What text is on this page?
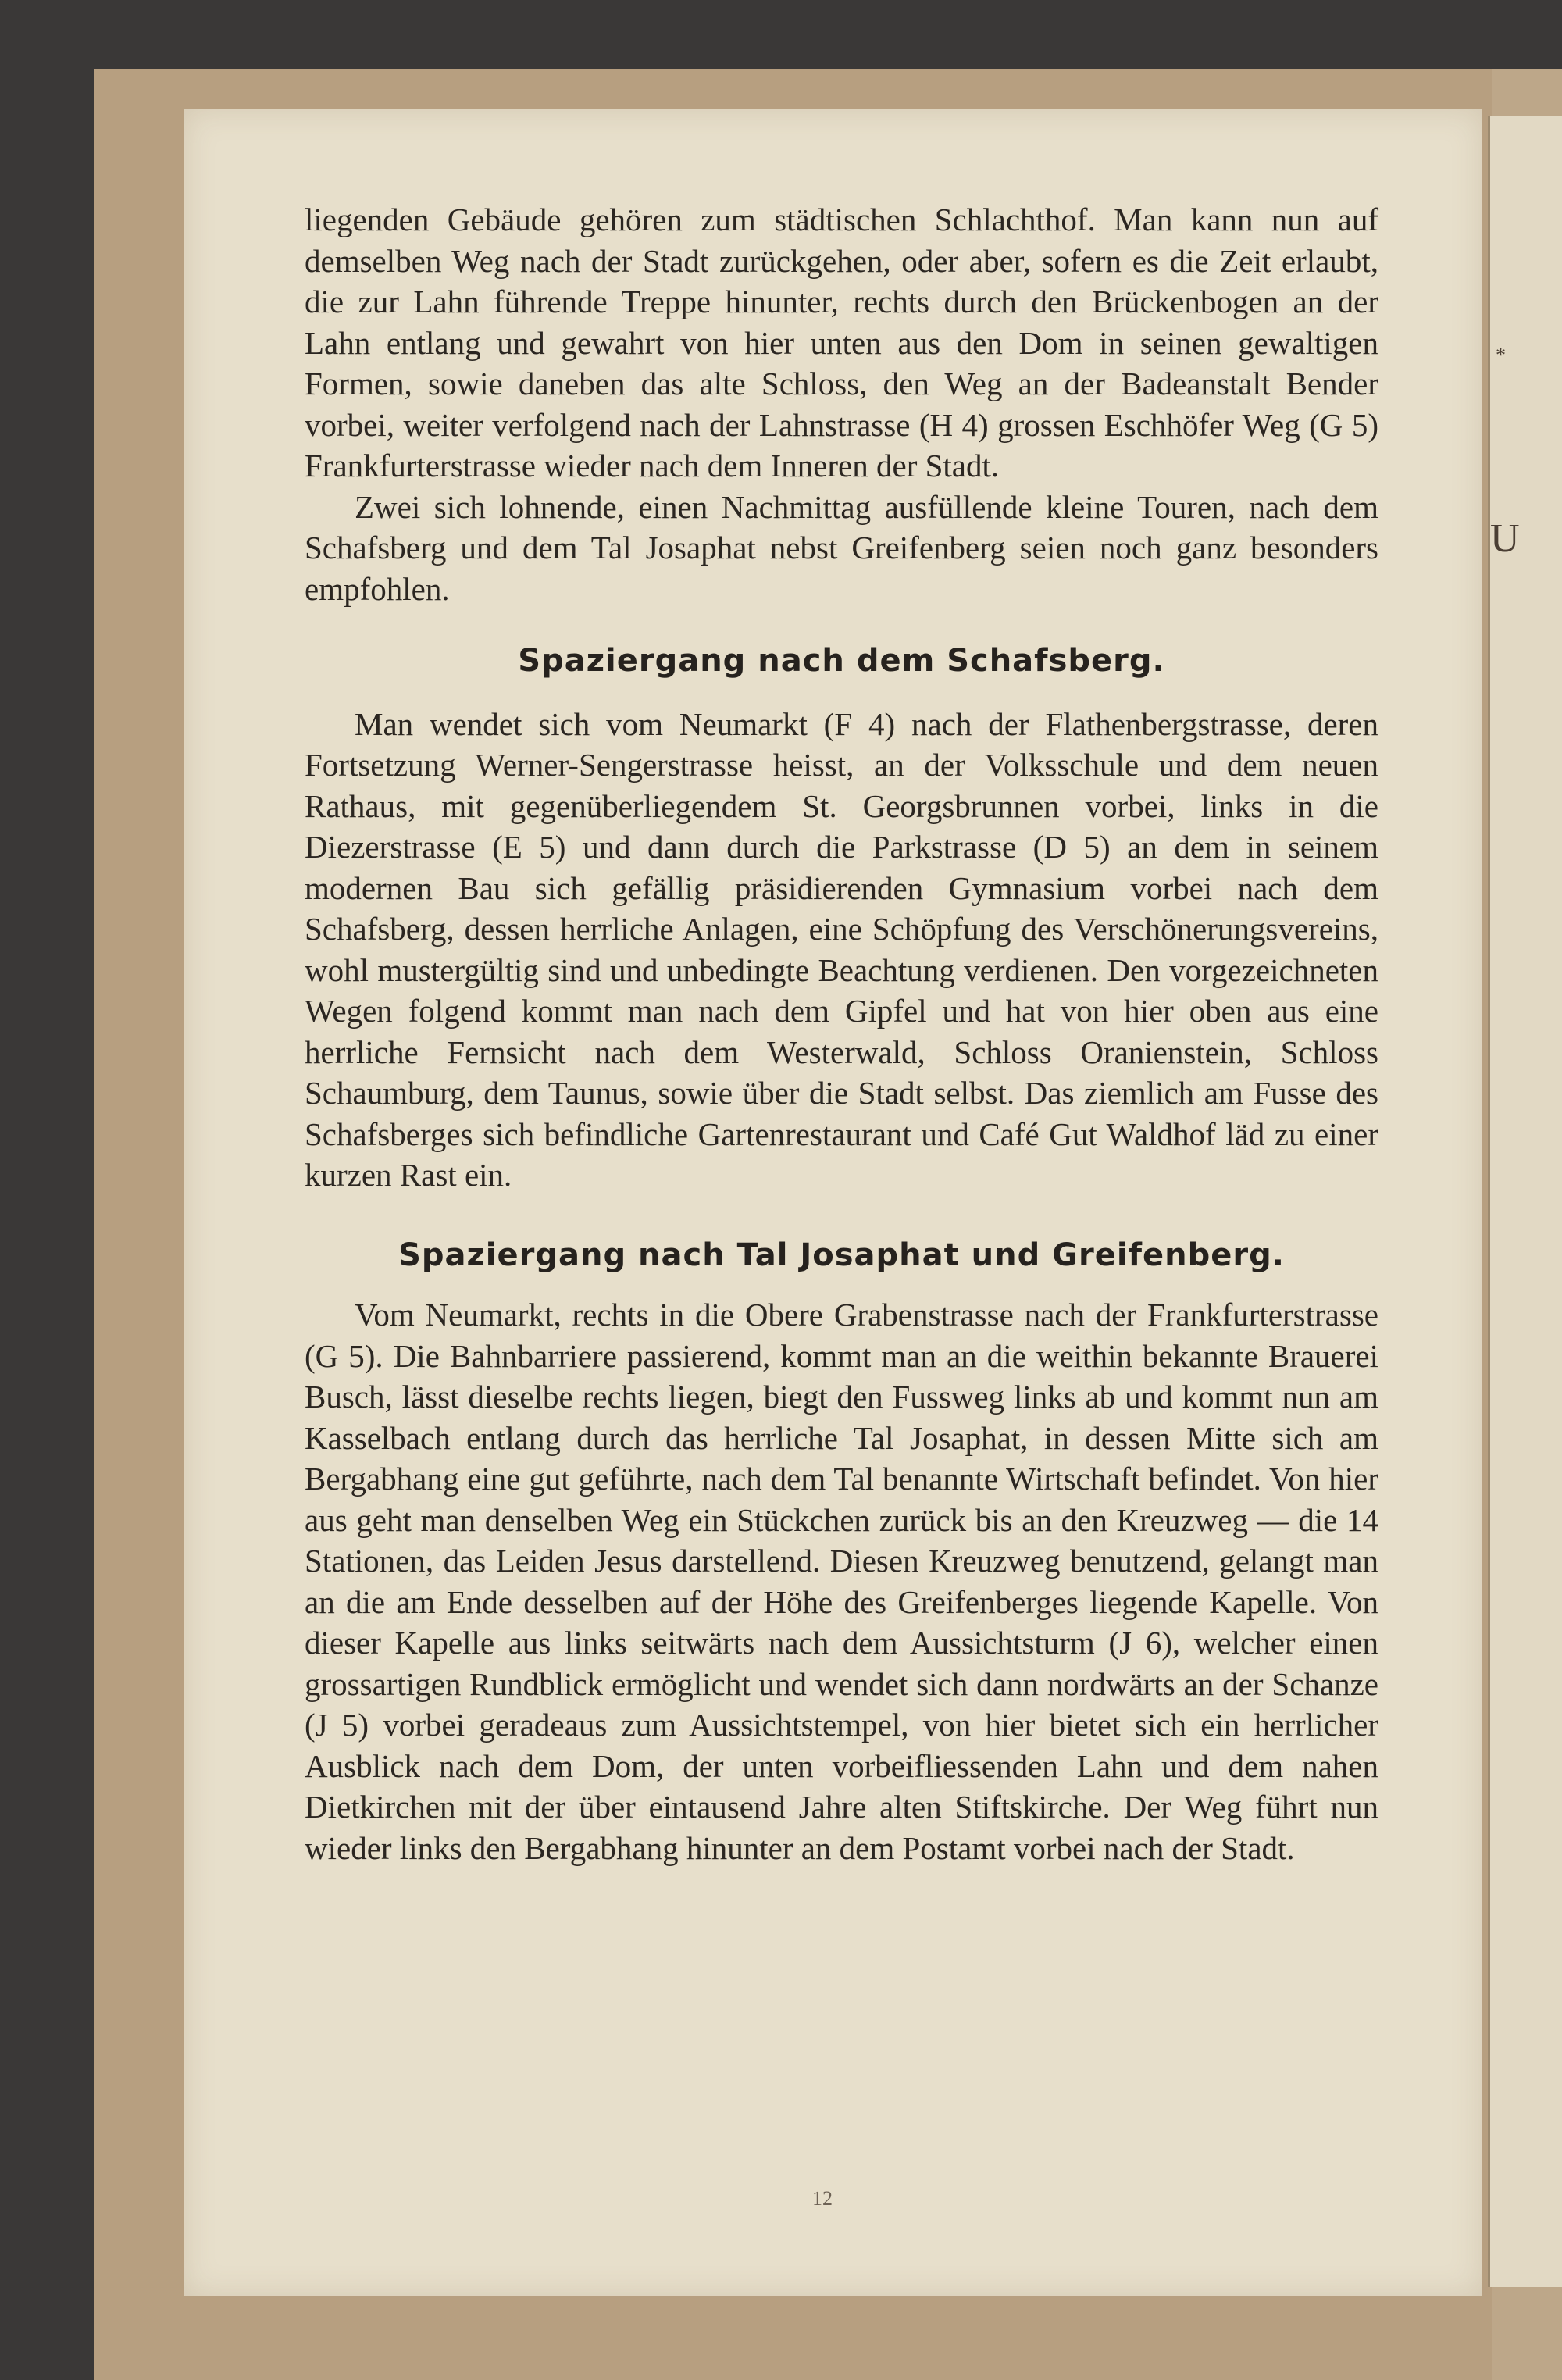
*
U

liegenden Gebäude gehören zum städtischen Schlachthof. Man kann nun auf demselben Weg nach der Stadt zurückgehen, oder aber, sofern es die Zeit erlaubt, die zur Lahn führende Treppe hinunter, rechts durch den Brückenbogen an der Lahn entlang und gewahrt von hier unten aus den Dom in seinen gewaltigen Formen, sowie daneben das alte Schloss, den Weg an der Badeanstalt Bender vorbei, weiter verfolgend nach der Lahnstrasse (H 4) grossen Eschhöfer Weg (G 5) Frankfurterstrasse wieder nach dem Inneren der Stadt.

Zwei sich lohnende, einen Nachmittag ausfüllende kleine Touren, nach dem Schafsberg und dem Tal Josaphat nebst Greifenberg seien noch ganz besonders empfohlen.

Spaziergang nach dem Schafsberg.

Man wendet sich vom Neumarkt (F 4) nach der Flathenbergstrasse, deren Fortsetzung Werner-Sengerstrasse heisst, an der Volksschule und dem neuen Rathaus, mit gegenüberliegendem St. Georgsbrunnen vorbei, links in die Diezerstrasse (E 5) und dann durch die Parkstrasse (D 5) an dem in seinem modernen Bau sich gefällig präsidierenden Gymnasium vorbei nach dem Schafsberg, dessen herrliche Anlagen, eine Schöpfung des Verschönerungsvereins, wohl mustergültig sind und unbedingte Beachtung verdienen. Den vorgezeichneten Wegen folgend kommt man nach dem Gipfel und hat von hier oben aus eine herrliche Fernsicht nach dem Westerwald, Schloss Oranienstein, Schloss Schaumburg, dem Taunus, sowie über die Stadt selbst. Das ziemlich am Fusse des Schafsberges sich befindliche Gartenrestaurant und Café Gut Waldhof läd zu einer kurzen Rast ein.

Spaziergang nach Tal Josaphat und Greifenberg.

Vom Neumarkt, rechts in die Obere Grabenstrasse nach der Frankfurterstrasse (G 5). Die Bahnbarriere passierend, kommt man an die weithin bekannte Brauerei Busch, lässt dieselbe rechts liegen, biegt den Fussweg links ab und kommt nun am Kasselbach entlang durch das herrliche Tal Josaphat, in dessen Mitte sich am Bergabhang eine gut geführte, nach dem Tal benannte Wirtschaft befindet. Von hier aus geht man denselben Weg ein Stückchen zurück bis an den Kreuzweg — die 14 Stationen, das Leiden Jesus darstellend. Diesen Kreuzweg benutzend, gelangt man an die am Ende desselben auf der Höhe des Greifenberges liegende Kapelle. Von dieser Kapelle aus links seitwärts nach dem Aussichtsturm (J 6), welcher einen grossartigen Rundblick ermöglicht und wendet sich dann nordwärts an der Schanze (J 5) vorbei geradeaus zum Aussichtstempel, von hier bietet sich ein herrlicher Ausblick nach dem Dom, der unten vorbeifliessenden Lahn und dem nahen Dietkirchen mit der über eintausend Jahre alten Stiftskirche. Der Weg führt nun wieder links den Bergabhang hinunter an dem Postamt vorbei nach der Stadt.

12
